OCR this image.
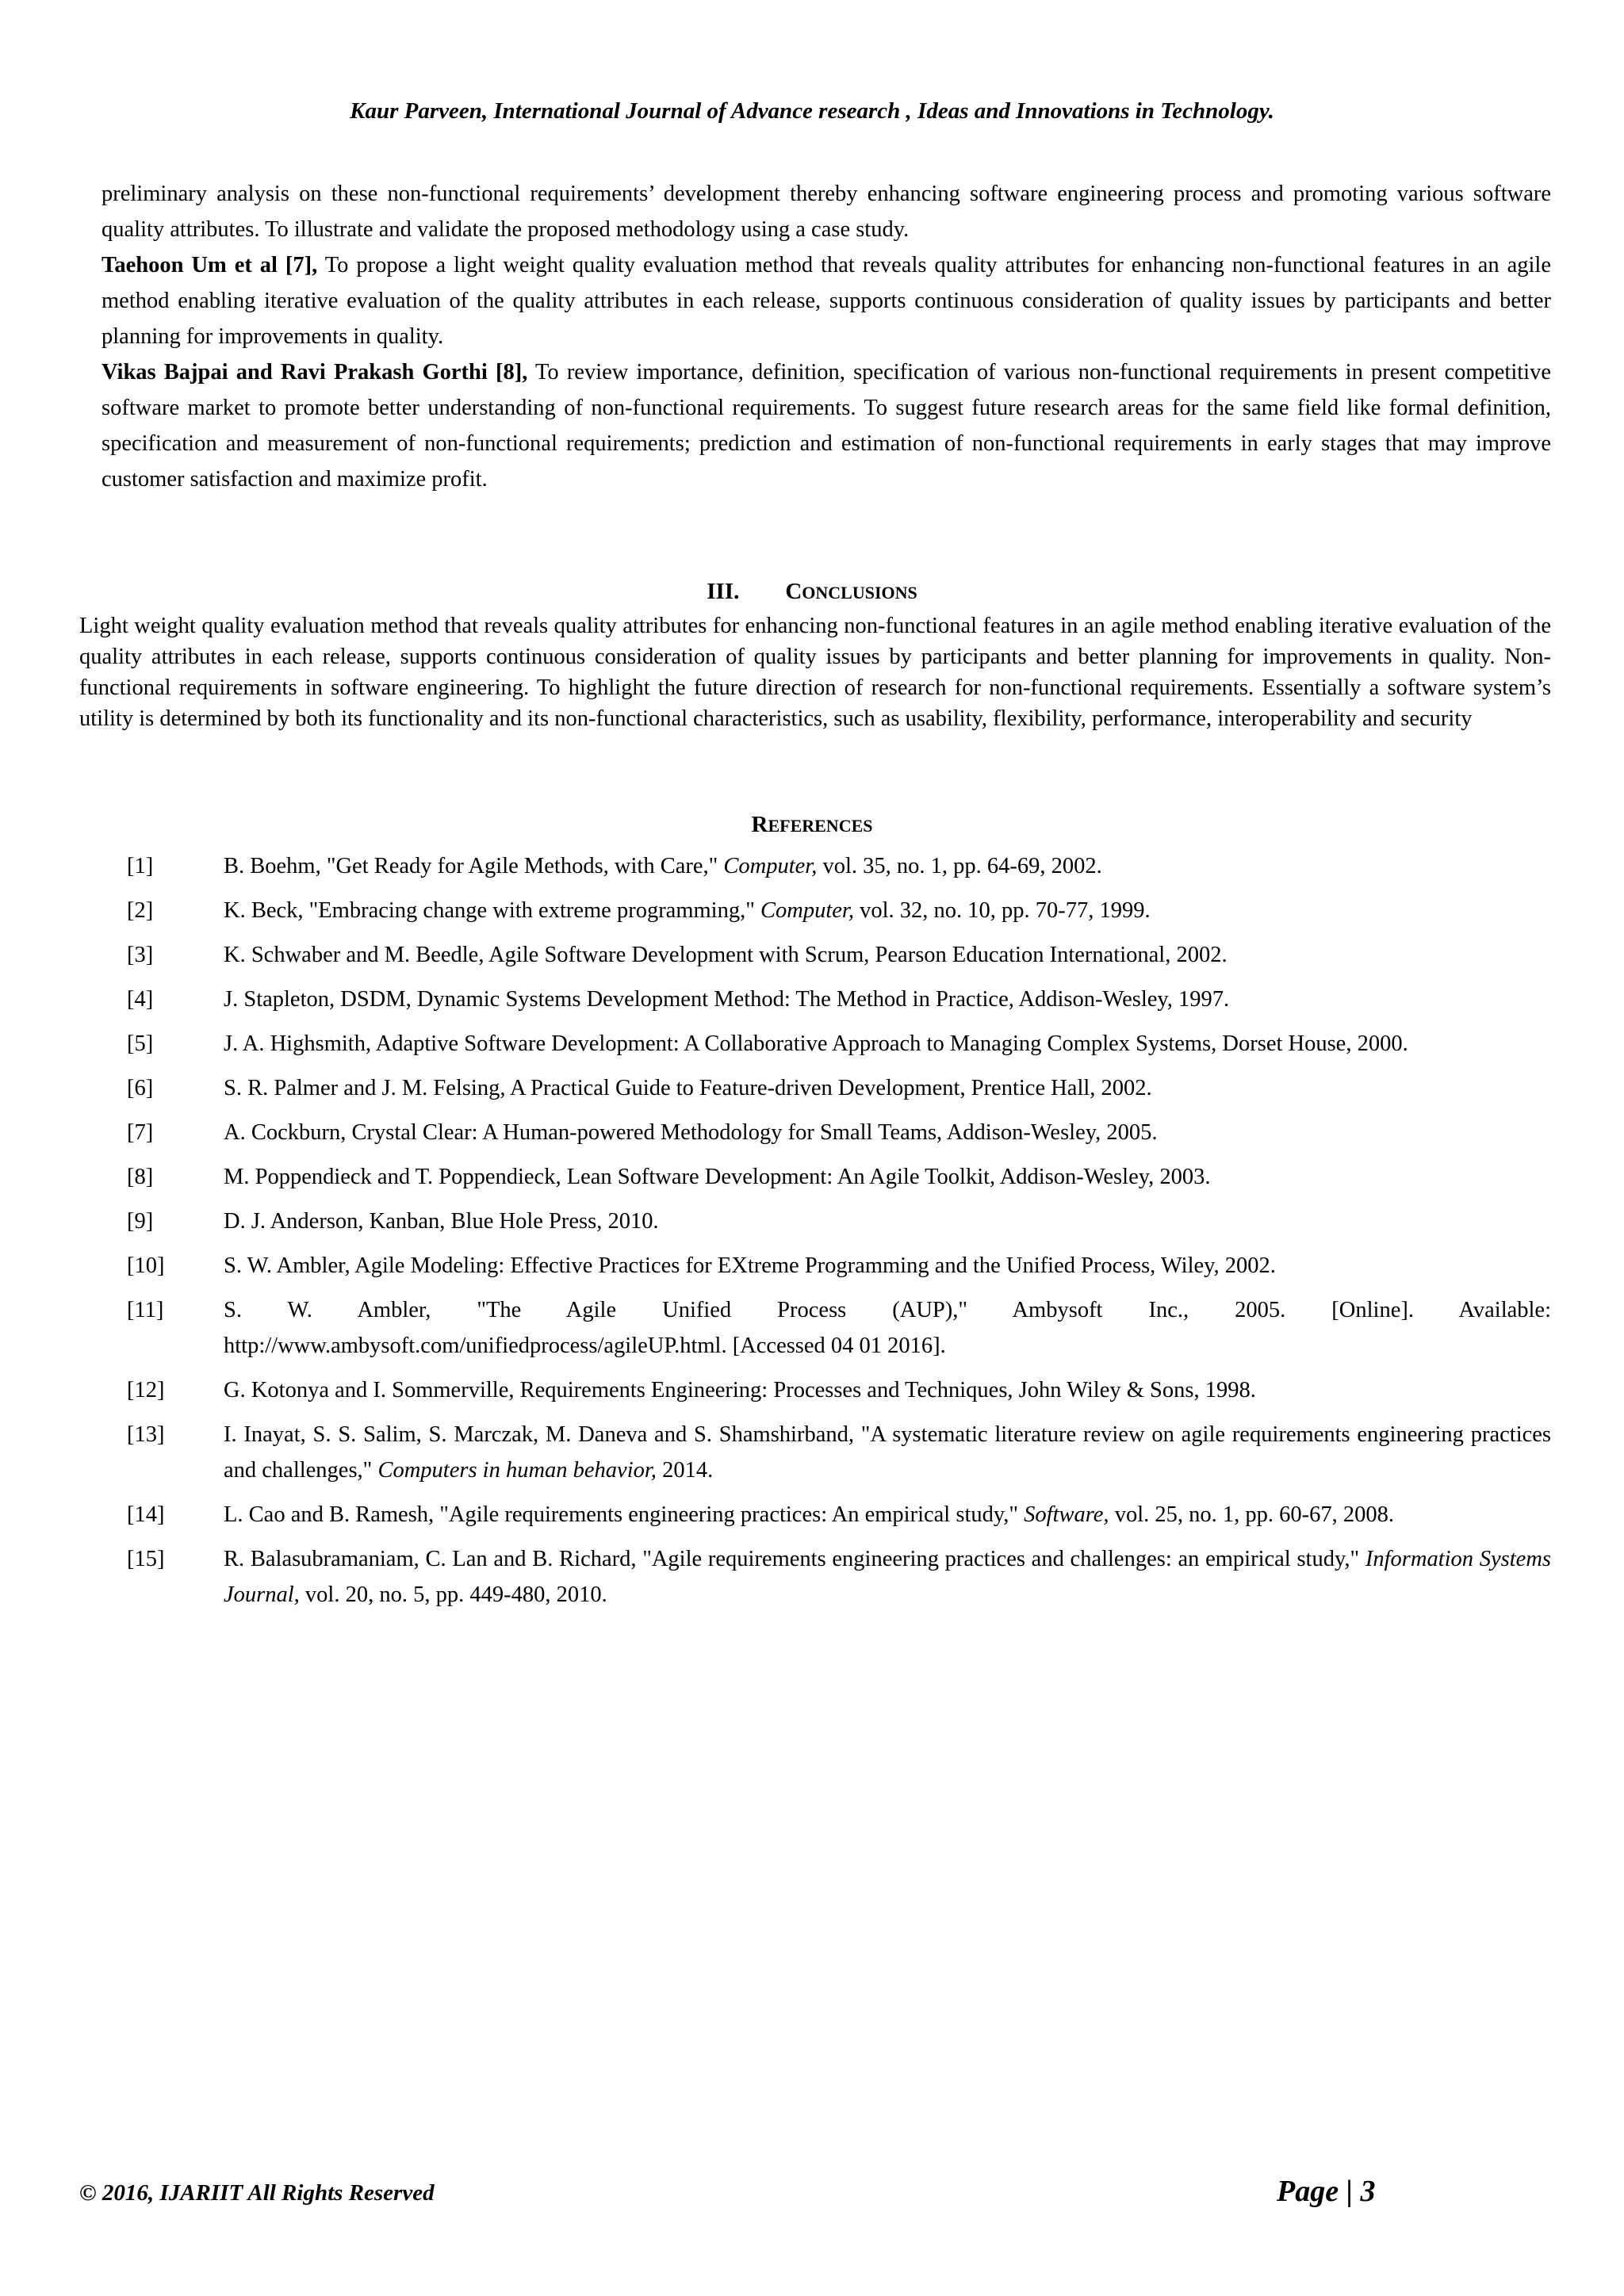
Kaur Parveen, International Journal of Advance research , Ideas and Innovations in Technology.

preliminary analysis on these non-functional requirements’ development thereby enhancing software engineering process and promoting various software quality attributes. To illustrate and validate the proposed methodology using a case study.

Taehoon Um et al [7], To propose a light weight quality evaluation method that reveals quality attributes for enhancing non-functional features in an agile method enabling iterative evaluation of the quality attributes in each release, supports continuous consideration of quality issues by participants and better planning for improvements in quality.

Vikas Bajpai and Ravi Prakash Gorthi [8], To review importance, definition, specification of various non-functional requirements in present competitive software market to promote better understanding of non-functional requirements. To suggest future research areas for the same field like formal definition, specification and measurement of non-functional requirements; prediction and estimation of non-functional requirements in early stages that may improve customer satisfaction and maximize profit.

III. CONCLUSIONS

Light weight quality evaluation method that reveals quality attributes for enhancing non-functional features in an agile method enabling iterative evaluation of the quality attributes in each release, supports continuous consideration of quality issues by participants and better planning for improvements in quality. Non-functional requirements in software engineering. To highlight the future direction of research for non-functional requirements. Essentially a software system’s utility is determined by both its functionality and its non-functional characteristics, such as usability, flexibility, performance, interoperability and security

REFERENCES
[1]	B. Boehm, "Get Ready for Agile Methods, with Care," Computer, vol. 35, no. 1, pp. 64-69, 2002.
[2]	K. Beck, "Embracing change with extreme programming," Computer, vol. 32, no. 10, pp. 70-77, 1999.
[3]	K. Schwaber and M. Beedle, Agile Software Development with Scrum, Pearson Education International, 2002.
[4]	J. Stapleton, DSDM, Dynamic Systems Development Method: The Method in Practice, Addison-Wesley, 1997.
[5]	J. A. Highsmith, Adaptive Software Development: A Collaborative Approach to Managing Complex Systems, Dorset House, 2000.
[6]	S. R. Palmer and J. M. Felsing, A Practical Guide to Feature-driven Development, Prentice Hall, 2002.
[7]	A. Cockburn, Crystal Clear: A Human-powered Methodology for Small Teams, Addison-Wesley, 2005.
[8]	M. Poppendieck and T. Poppendieck, Lean Software Development: An Agile Toolkit, Addison-Wesley, 2003.
[9]	D. J. Anderson, Kanban, Blue Hole Press, 2010.
[10]	S. W. Ambler, Agile Modeling: Effective Practices for EXtreme Programming and the Unified Process, Wiley, 2002.
[11]	S. W. Ambler, "The Agile Unified Process (AUP)," Ambysoft Inc., 2005. [Online]. Available: http://www.ambysoft.com/unifiedprocess/agileUP.html. [Accessed 04 01 2016].
[12]	G. Kotonya and I. Sommerville, Requirements Engineering: Processes and Techniques, John Wiley & Sons, 1998.
[13]	I. Inayat, S. S. Salim, S. Marczak, M. Daneva and S. Shamshirband, "A systematic literature review on agile requirements engineering practices and challenges," Computers in human behavior, 2014.
[14]	L. Cao and B. Ramesh, "Agile requirements engineering practices: An empirical study," Software, vol. 25, no. 1, pp. 60-67, 2008.
[15]	R. Balasubramaniam, C. Lan and B. Richard, "Agile requirements engineering practices and challenges: an empirical study," Information Systems Journal, vol. 20, no. 5, pp. 449-480, 2010.
© 2016, IJARIIT All Rights Reserved	Page | 3
